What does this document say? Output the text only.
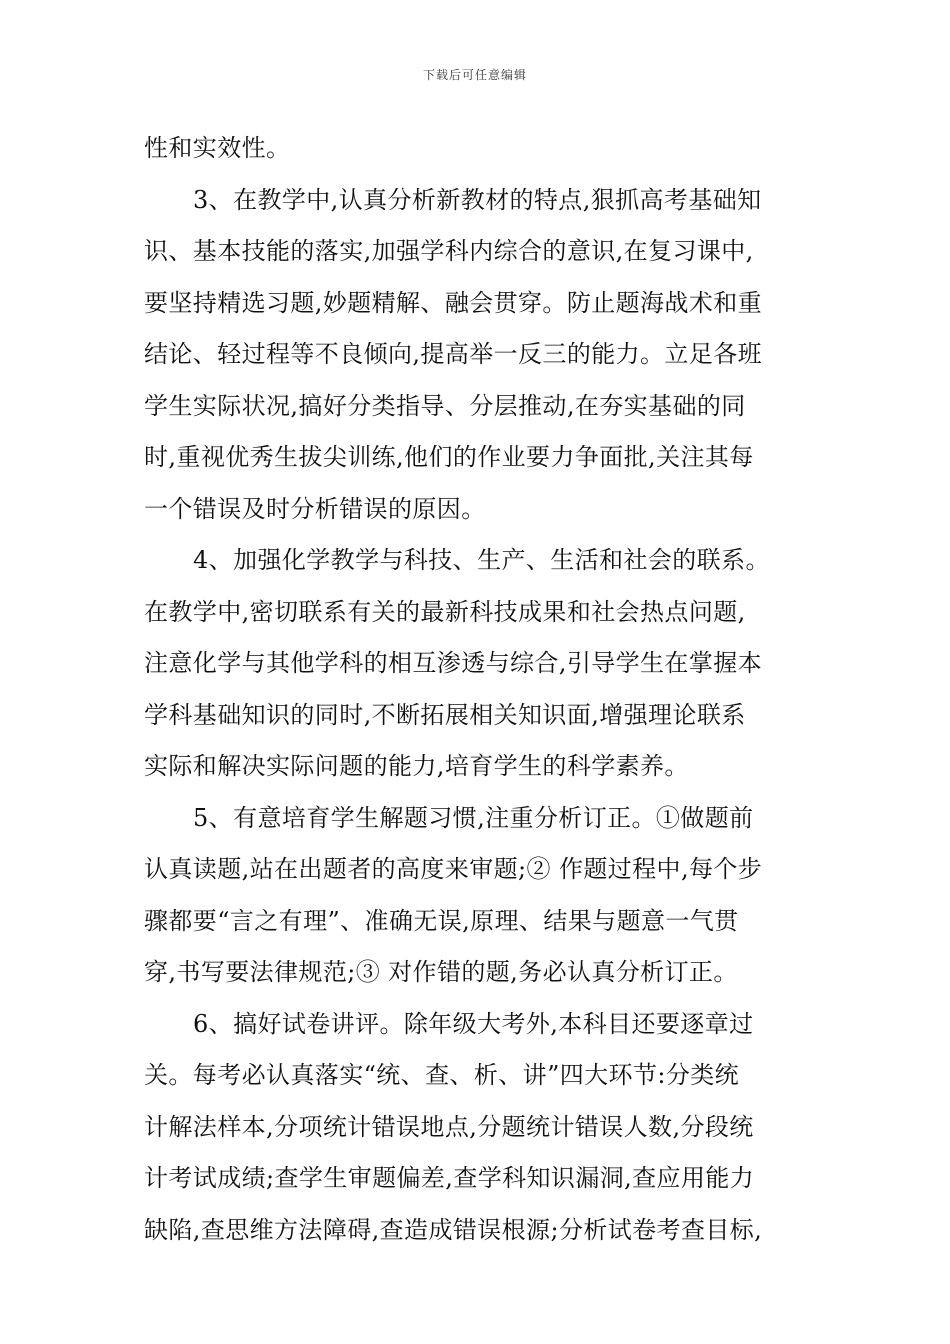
下载后可任意编辑
性和实效性。
3、在教学中,认真分析新教材的特点,狠抓高考基础知
识、基本技能的落实,加强学科内综合的意识,在复习课中,
要坚持精选习题,妙题精解、融会贯穿。防止题海战术和重
结论、轻过程等不良倾向,提高举一反三的能力。立足各班
学生实际状况,搞好分类指导、分层推动,在夯实基础的同
时,重视优秀生拔尖训练,他们的作业要力争面批,关注其每
一个错误及时分析错误的原因。
4、加强化学教学与科技、生产、生活和社会的联系。
在教学中,密切联系有关的最新科技成果和社会热点问题,
注意化学与其他学科的相互渗透与综合,引导学生在掌握本
学科基础知识的同时,不断拓展相关知识面,增强理论联系
实际和解决实际问题的能力,培育学生的科学素养。
5、有意培育学生解题习惯,注重分析订正。①做题前
认真读题,站在出题者的高度来审题;② 作题过程中,每个步
骤都要“言之有理”、准确无误,原理、结果与题意一气贯
穿,书写要法律规范;③ 对作错的题,务必认真分析订正。
6、搞好试卷讲评。除年级大考外,本科目还要逐章过
关。每考必认真落实“统、查、析、讲”四大环节:分类统
计解法样本,分项统计错误地点,分题统计错误人数,分段统
计考试成绩;查学生审题偏差,查学科知识漏洞,查应用能力
缺陷,查思维方法障碍,查造成错误根源;分析试卷考查目标,
